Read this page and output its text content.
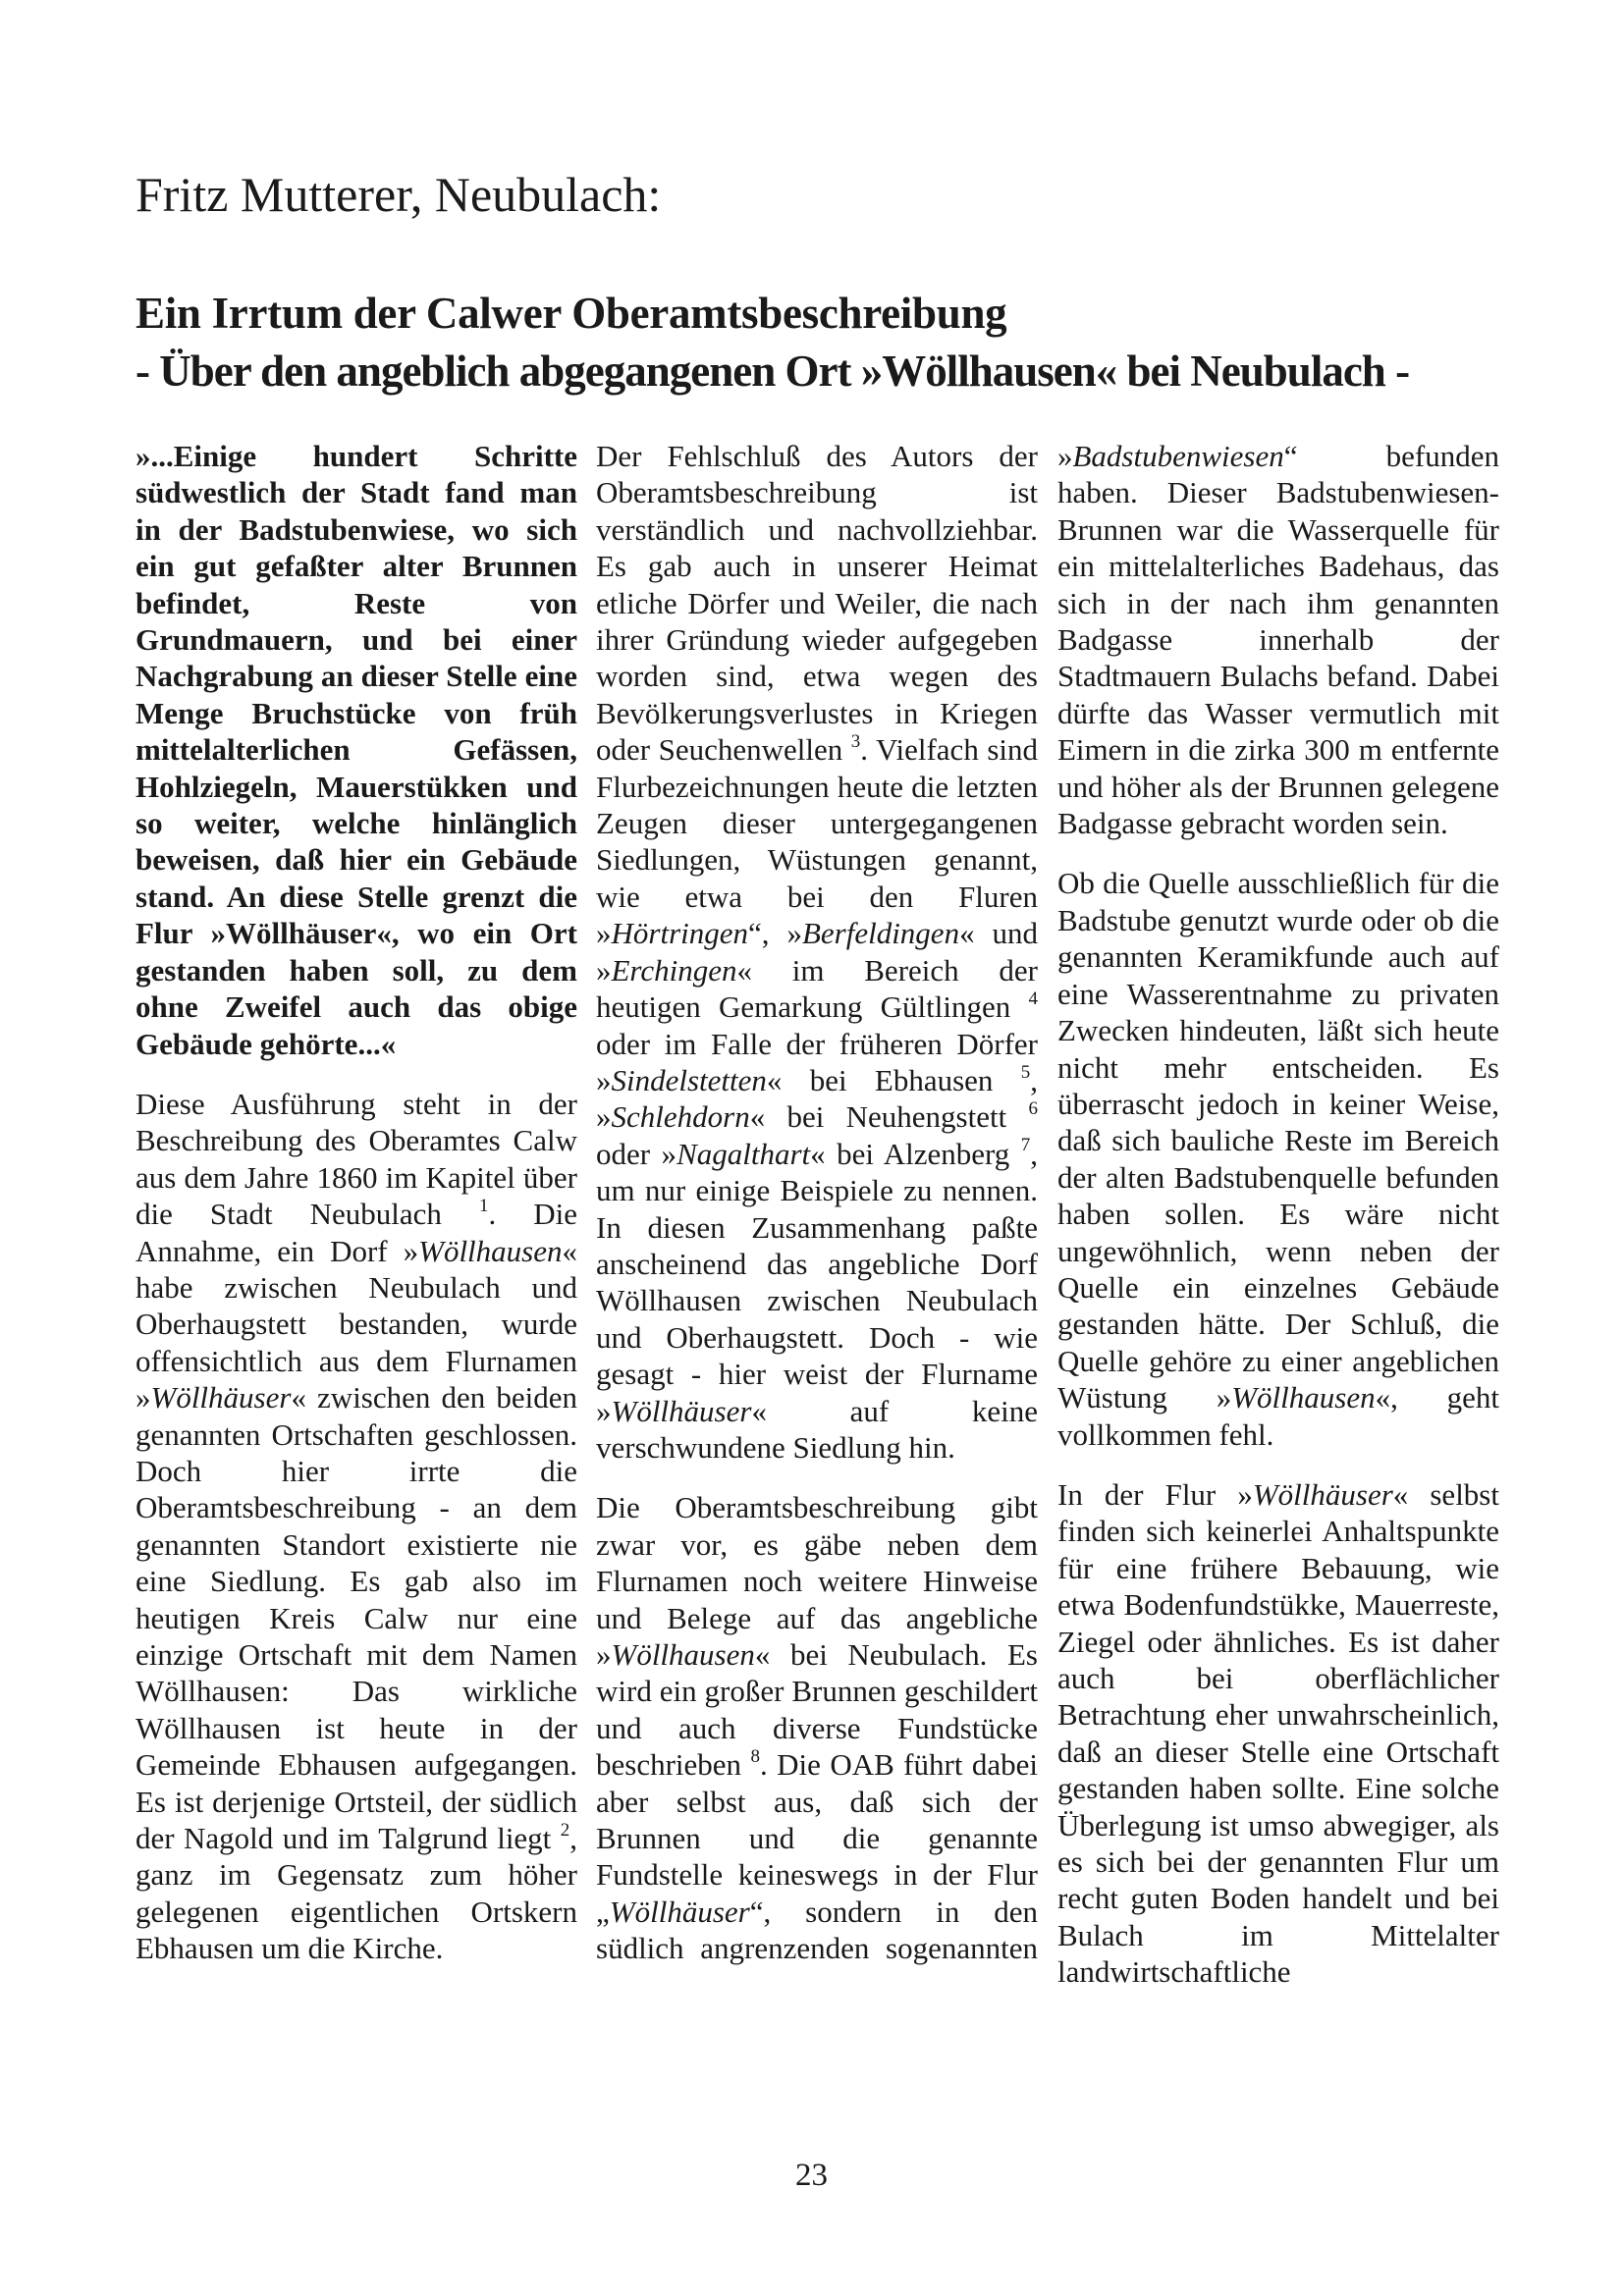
Fritz Mutterer, Neubulach:
Ein Irrtum der Calwer Oberamtsbeschreibung
- Über den angeblich abgegangenen Ort »Wöllhausen« bei Neubulach -

»...Einige hundert Schritte südwestlich der Stadt fand man in der Badstubenwiese, wo sich ein gut gefaßter alter Brunnen befindet, Reste von Grundmauern, und bei einer Nachgrabung an dieser Stelle eine Menge Bruchstücke von früh mittelalterlichen Gefässen, Hohlziegeln, Mauerstükken und so weiter, welche hinlänglich beweisen, daß hier ein Gebäude stand. An diese Stelle grenzt die Flur »Wöllhäuser«, wo ein Ort gestanden haben soll, zu dem ohne Zweifel auch das obige Gebäude gehörte...«

Diese Ausführung steht in der Beschreibung des Oberamtes Calw aus dem Jahre 1860 im Kapitel über die Stadt Neubulach $^1$. Die Annahme, ein Dorf »Wöllhausen« habe zwischen Neubulach und Oberhaugstett bestanden, wurde offensichtlich aus dem Flurnamen »Wöllhäuser« zwischen den beiden genannten Ortschaften geschlossen. Doch hier irrte die Oberamtsbeschreibung - an dem genannten Standort existierte nie eine Siedlung. Es gab also im heutigen Kreis Calw nur eine einzige Ortschaft mit dem Namen Wöllhausen: Das wirkliche Wöllhausen ist heute in der Gemeinde Ebhausen aufgegangen. Es ist derjenige Ortsteil, der südlich der Nagold und im Talgrund liegt $^2$, ganz im Gegensatz zum höher gelegenen eigentlichen Ortskern Ebhausen um die Kirche.

Der Fehlschluß des Autors der Oberamtsbeschreibung ist verständlich und nachvollziehbar. Es gab auch in unserer Heimat etliche Dörfer und Weiler, die nach ihrer Gründung wieder aufgegeben worden sind, etwa wegen des Bevölkerungsverlustes in Kriegen oder Seuchenwellen $^3$. Vielfach sind Flurbezeichnungen heute die letzten Zeugen dieser untergegangenen Siedlungen, Wüstungen genannt, wie etwa bei den Fluren »Hörtringen“, »Berfeldingen« und »Erchingen« im Bereich der heutigen Gemarkung Gültlingen $^4$ oder im Falle der früheren Dörfer »Sindelstetten« bei Ebhausen $^5$, »Schlehdorn« bei Neuhengstett $^6$ oder »Nagalthart« bei Alzenberg $^7$, um nur einige Beispiele zu nennen. In diesen Zusammenhang paßte anscheinend das angebliche Dorf Wöllhausen zwischen Neubulach und Oberhaugstett. Doch - wie gesagt - hier weist der Flurname »Wöllhäuser« auf keine verschwundene Siedlung hin.

Die Oberamtsbeschreibung gibt zwar vor, es gäbe neben dem Flurnamen noch weitere Hinweise und Belege auf das angebliche »Wöllhausen« bei Neubulach. Es wird ein großer Brunnen geschildert und auch diverse Fundstücke beschrieben $^8$. Die OAB führt dabei aber selbst aus, daß sich der Brunnen und die genannte Fundstelle keineswegs in der Flur „Wöllhäuser“, sondern in den südlich angrenzenden sogenannten

»Badstubenwiesen“ befunden haben. Dieser Badstubenwiesen-Brunnen war die Wasserquelle für ein mittelalterliches Badehaus, das sich in der nach ihm genannten Badgasse innerhalb der Stadtmauern Bulachs befand. Dabei dürfte das Wasser vermutlich mit Eimern in die zirka 300 m entfernte und höher als der Brunnen gelegene Badgasse gebracht worden sein.

Ob die Quelle ausschließlich für die Badstube genutzt wurde oder ob die genannten Keramikfunde auch auf eine Wasserentnahme zu privaten Zwecken hindeuten, läßt sich heute nicht mehr entscheiden. Es überrascht jedoch in keiner Weise, daß sich bauliche Reste im Bereich der alten Badstubenquelle befunden haben sollen. Es wäre nicht ungewöhnlich, wenn neben der Quelle ein einzelnes Gebäude gestanden hätte. Der Schluß, die Quelle gehöre zu einer angeblichen Wüstung »Wöllhausen«, geht vollkommen fehl.

In der Flur »Wöllhäuser« selbst finden sich keinerlei Anhaltspunkte für eine frühere Bebauung, wie etwa Bodenfundstükke, Mauerreste, Ziegel oder ähnliches. Es ist daher auch bei oberflächlicher Betrachtung eher unwahrscheinlich, daß an dieser Stelle eine Ortschaft gestanden haben sollte. Eine solche Überlegung ist umso abwegiger, als es sich bei der genannten Flur um recht guten Boden handelt und bei Bulach im Mittelalter landwirtschaftliche

23
